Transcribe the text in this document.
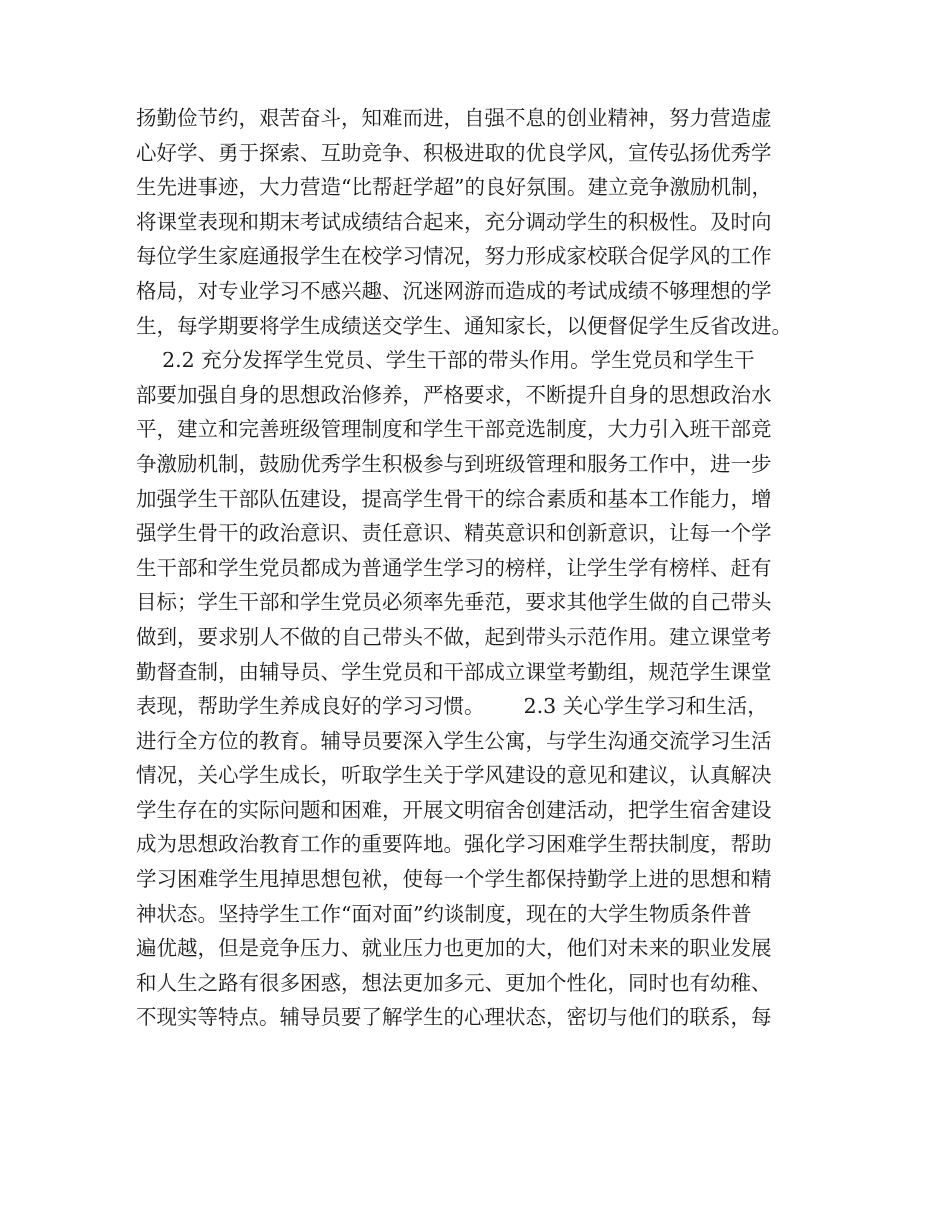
扬勤俭节约，艰苦奋斗，知难而进，自强不息的创业精神，努力营造虚
心好学、勇于探索、互助竞争、积极进取的优良学风，宣传弘扬优秀学
生先进事迹，大力营造“比帮赶学超”的良好氛围。建立竞争激励机制，
将课堂表现和期末考试成绩结合起来，充分调动学生的积极性。及时向
每位学生家庭通报学生在校学习情况，努力形成家校联合促学风的工作
格局，对专业学习不感兴趣、沉迷网游而造成的考试成绩不够理想的学
生，每学期要将学生成绩送交学生、通知家长，以便督促学生反省改进。
2.2 充分发挥学生党员、学生干部的带头作用。学生党员和学生干
部要加强自身的思想政治修养，严格要求，不断提升自身的思想政治水
平，建立和完善班级管理制度和学生干部竞选制度，大力引入班干部竞
争激励机制，鼓励优秀学生积极参与到班级管理和服务工作中，进一步
加强学生干部队伍建设，提高学生骨干的综合素质和基本工作能力，增
强学生骨干的政治意识、责任意识、精英意识和创新意识，让每一个学
生干部和学生党员都成为普通学生学习的榜样，让学生学有榜样、赶有
目标；学生干部和学生党员必须率先垂范，要求其他学生做的自己带头
做到，要求别人不做的自己带头不做，起到带头示范作用。建立课堂考
勤督查制，由辅导员、学生党员和干部成立课堂考勤组，规范学生课堂
表现，帮助学生养成良好的学习习惯。      2.3 关心学生学习和生活，
进行全方位的教育。辅导员要深入学生公寓，与学生沟通交流学习生活
情况，关心学生成长，听取学生关于学风建设的意见和建议，认真解决
学生存在的实际问题和困难，开展文明宿舍创建活动，把学生宿舍建设
成为思想政治教育工作的重要阵地。强化学习困难学生帮扶制度，帮助
学习困难学生甩掉思想包袱，使每一个学生都保持勤学上进的思想和精
神状态。坚持学生工作“面对面”约谈制度，现在的大学生物质条件普
遍优越，但是竞争压力、就业压力也更加的大，他们对未来的职业发展
和人生之路有很多困惑，想法更加多元、更加个性化，同时也有幼稚、
不现实等特点。辅导员要了解学生的心理状态，密切与他们的联系，每
